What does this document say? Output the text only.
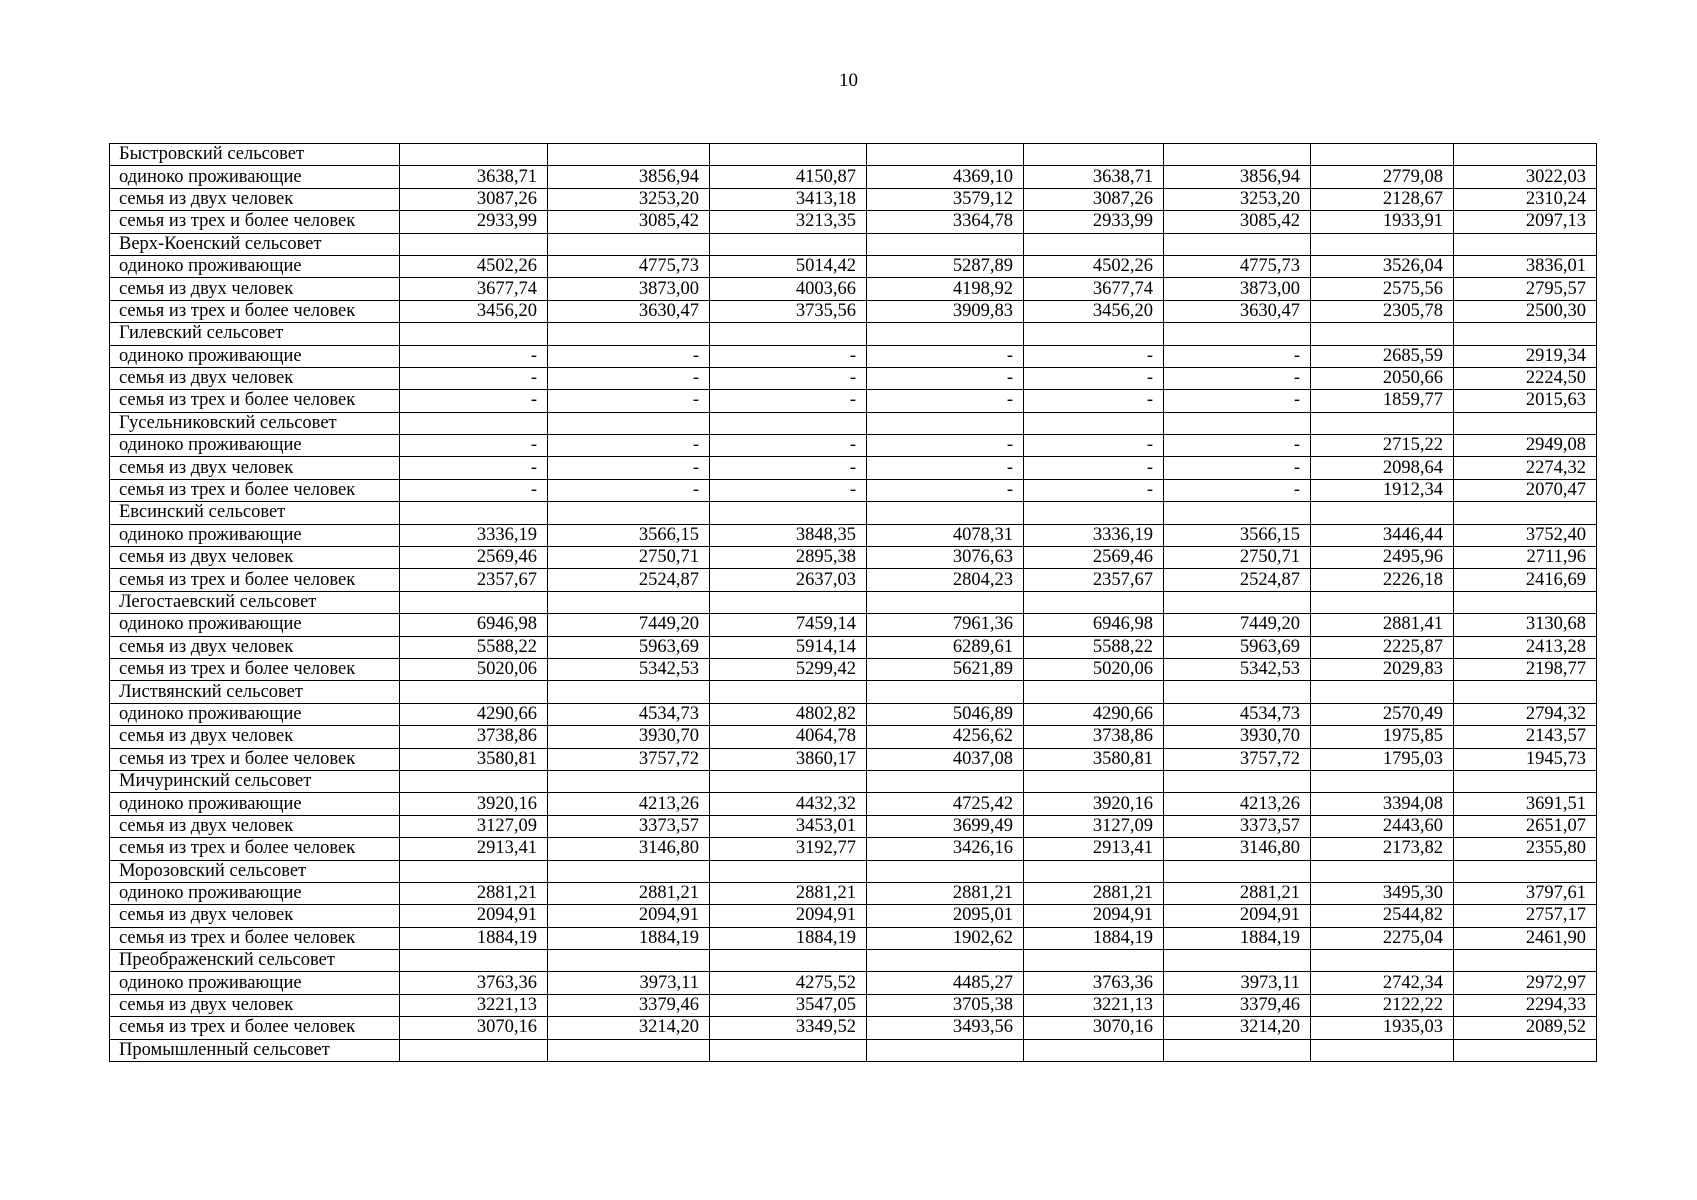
10
Быстровский сельсовет								
одиноко проживающие	3638,71	3856,94	4150,87	4369,10	3638,71	3856,94	2779,08	3022,03
семья из двух человек	3087,26	3253,20	3413,18	3579,12	3087,26	3253,20	2128,67	2310,24
семья из трех и более человек	2933,99	3085,42	3213,35	3364,78	2933,99	3085,42	1933,91	2097,13
Верх-Коенский сельсовет								
одиноко проживающие	4502,26	4775,73	5014,42	5287,89	4502,26	4775,73	3526,04	3836,01
семья из двух человек	3677,74	3873,00	4003,66	4198,92	3677,74	3873,00	2575,56	2795,57
семья из трех и более человек	3456,20	3630,47	3735,56	3909,83	3456,20	3630,47	2305,78	2500,30
Гилевский сельсовет								
одиноко проживающие	-	-	-	-	-	-	2685,59	2919,34
семья из двух человек	-	-	-	-	-	-	2050,66	2224,50
семья из трех и более человек	-	-	-	-	-	-	1859,77	2015,63
Гусельниковский сельсовет								
одиноко проживающие	-	-	-	-	-	-	2715,22	2949,08
семья из двух человек	-	-	-	-	-	-	2098,64	2274,32
семья из трех и более человек	-	-	-	-	-	-	1912,34	2070,47
Евсинский сельсовет								
одиноко проживающие	3336,19	3566,15	3848,35	4078,31	3336,19	3566,15	3446,44	3752,40
семья из двух человек	2569,46	2750,71	2895,38	3076,63	2569,46	2750,71	2495,96	2711,96
семья из трех и более человек	2357,67	2524,87	2637,03	2804,23	2357,67	2524,87	2226,18	2416,69
Легостаевский сельсовет								
одиноко проживающие	6946,98	7449,20	7459,14	7961,36	6946,98	7449,20	2881,41	3130,68
семья из двух человек	5588,22	5963,69	5914,14	6289,61	5588,22	5963,69	2225,87	2413,28
семья из трех и более человек	5020,06	5342,53	5299,42	5621,89	5020,06	5342,53	2029,83	2198,77
Листвянский сельсовет								
одиноко проживающие	4290,66	4534,73	4802,82	5046,89	4290,66	4534,73	2570,49	2794,32
семья из двух человек	3738,86	3930,70	4064,78	4256,62	3738,86	3930,70	1975,85	2143,57
семья из трех и более человек	3580,81	3757,72	3860,17	4037,08	3580,81	3757,72	1795,03	1945,73
Мичуринский сельсовет								
одиноко проживающие	3920,16	4213,26	4432,32	4725,42	3920,16	4213,26	3394,08	3691,51
семья из двух человек	3127,09	3373,57	3453,01	3699,49	3127,09	3373,57	2443,60	2651,07
семья из трех и более человек	2913,41	3146,80	3192,77	3426,16	2913,41	3146,80	2173,82	2355,80
Морозовский сельсовет								
одиноко проживающие	2881,21	2881,21	2881,21	2881,21	2881,21	2881,21	3495,30	3797,61
семья из двух человек	2094,91	2094,91	2094,91	2095,01	2094,91	2094,91	2544,82	2757,17
семья из трех и более человек	1884,19	1884,19	1884,19	1902,62	1884,19	1884,19	2275,04	2461,90
Преображенский сельсовет								
одиноко проживающие	3763,36	3973,11	4275,52	4485,27	3763,36	3973,11	2742,34	2972,97
семья из двух человек	3221,13	3379,46	3547,05	3705,38	3221,13	3379,46	2122,22	2294,33
семья из трех и более человек	3070,16	3214,20	3349,52	3493,56	3070,16	3214,20	1935,03	2089,52
Промышленный сельсовет								
